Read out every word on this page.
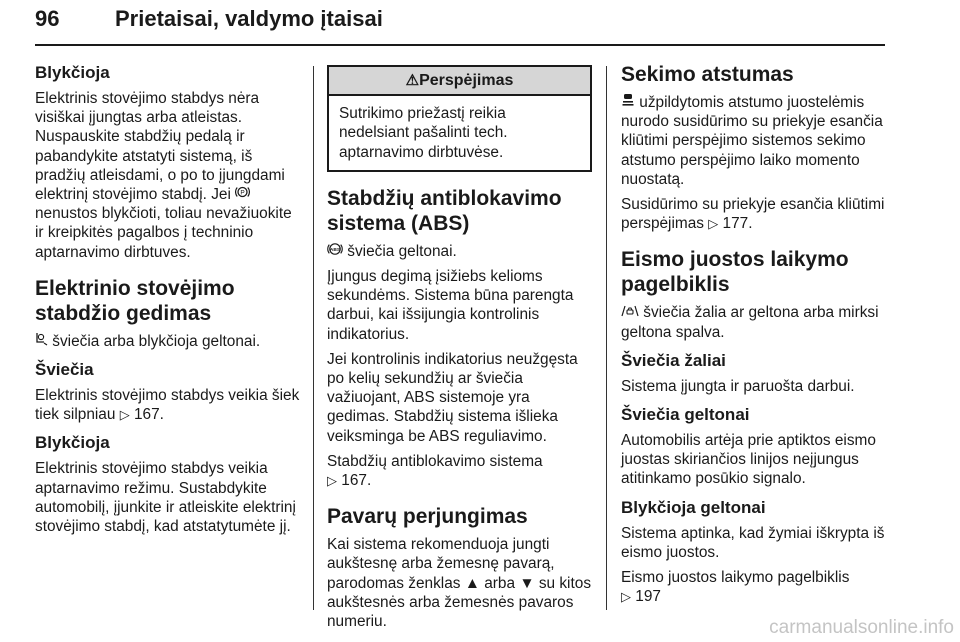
96	Prietaisai, valdymo įtaisai
Blykčioja

Elektrinis stovėjimo stabdys nėra visiškai įjungtas arba atleistas. Nuspauskite stabdžių pedalą ir pabandykite atstatyti sistemą, iš pradžių atleisdami, o po to įjungdami elektrinį stovėjimo stabdį. Jei P
nenustos blykčioti, toliau nevažiuokite ir kreipkitės pagalbos į techninio aptarnavimo dirbtuves.

Elektrinio stovėjimo stabdžio gedimas

šviečia arba blykčioja geltonai.

Šviečia

Elektrinis stovėjimo stabdys veikia šiek tiek silpniau ▷ 167.

Blykčioja

Elektrinis stovėjimo stabdys veikia aptarnavimo režimu. Sustabdykite automobilį, įjunkite ir atleiskite elektrinį stovėjimo stabdį, kad atstatytumėte jį.

⚠Perspėjimas

Sutrikimo priežastį reikia nedelsiant pašalinti tech. aptarnavimo dirbtuvėse.

Stabdžių antiblokavimo sistema (ABS)

ABS šviečia geltonai.

Įjungus degimą įsižiebs kelioms sekundėms. Sistema būna parengta darbui, kai išsijungia kontrolinis indikatorius.

Jei kontrolinis indikatorius neužgęsta po kelių sekundžių ar šviečia važiuojant, ABS sistemoje yra gedimas. Stabdžių sistema išlieka veiksminga be ABS reguliavimo.

Stabdžių antiblokavimo sistema
▷ 167.

Pavarų perjungimas

Kai sistema rekomenduoja jungti aukštesnę arba žemesnę pavarą, parodomas ženklas ▲ arba ▼ su kitos aukštesnės arba žemesnės pavaros numeriu.

Sekimo atstumas

užpildytomis atstumo juostelėmis nurodo susidūrimo su priekyje esančia kliūtimi perspėjimo sistemos sekimo atstumo perspėjimo laiko momento nuostatą.

Susidūrimo su priekyje esančia kliūtimi perspėjimas ▷ 177.

Eismo juostos laikymo pagelbiklis

šviečia žalia ar geltona arba mirksi geltona spalva.

Šviečia žaliai

Sistema įjungta ir paruošta darbui.

Šviečia geltonai

Automobilis artėja prie aptiktos eismo juostas skiriančios linijos neįjungus atitinkamo posūkio signalo.

Blykčioja geltonai

Sistema aptinka, kad žymiai iškrypta iš eismo juostos.

Eismo juostos laikymo pagelbiklis
▷ 197

carmanualsonline.info
